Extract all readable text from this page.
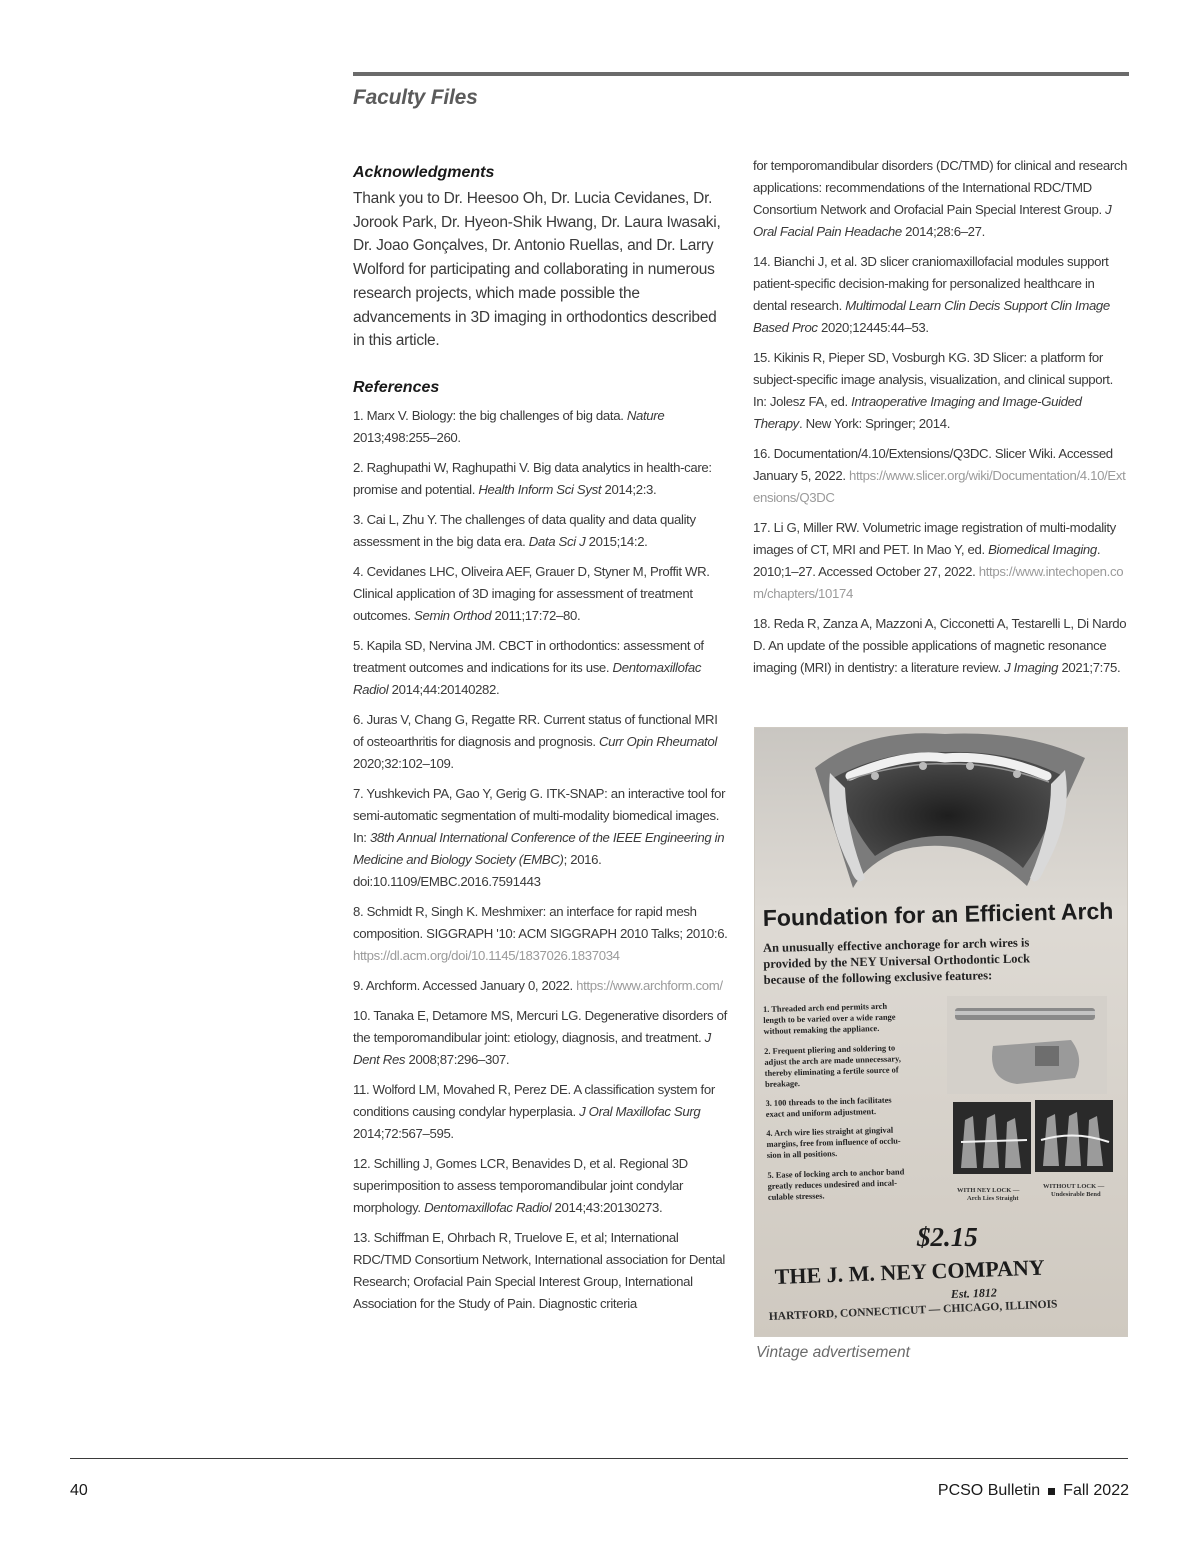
Faculty Files
Acknowledgments

Thank you to Dr. Heesoo Oh, Dr. Lucia Cevidanes, Dr. Jorook Park, Dr. Hyeon-Shik Hwang, Dr. Laura Iwasaki, Dr. Joao Gonçalves, Dr. Antonio Ruellas, and Dr. Larry Wolford for participating and collaborating in numerous research projects, which made possible the advancements in 3D imaging in orthodontics described in this article.

References
1. Marx V. Biology: the big challenges of big data. Nature 2013;498:255–260.
2. Raghupathi W, Raghupathi V. Big data analytics in health-care: promise and potential. Health Inform Sci Syst 2014;2:3.
3. Cai L, Zhu Y. The challenges of data quality and data quality assessment in the big data era. Data Sci J 2015;14:2.
4. Cevidanes LHC, Oliveira AEF, Grauer D, Styner M, Proffit WR. Clinical application of 3D imaging for assessment of treatment outcomes. Semin Orthod 2011;17:72–80.
5. Kapila SD, Nervina JM. CBCT in orthodontics: assessment of treatment outcomes and indications for its use. Dentomaxillofac Radiol 2014;44:20140282.
6. Juras V, Chang G, Regatte RR. Current status of functional MRI of osteoarthritis for diagnosis and prognosis. Curr Opin Rheumatol 2020;32:102–109.
7. Yushkevich PA, Gao Y, Gerig G. ITK-SNAP: an interactive tool for semi-automatic segmentation of multi-modality biomedical images. In: 38th Annual International Conference of the IEEE Engineering in Medicine and Biology Society (EMBC); 2016. doi:10.1109/EMBC.2016.7591443
8. Schmidt R, Singh K. Meshmixer: an interface for rapid mesh composition. SIGGRAPH '10: ACM SIGGRAPH 2010 Talks; 2010:6. https://dl.acm.org/doi/10.1145/1837026.1837034
9. Archform. Accessed January 0, 2022. https://www.archform.com/
10. Tanaka E, Detamore MS, Mercuri LG. Degenerative disorders of the temporomandibular joint: etiology, diagnosis, and treatment. J Dent Res 2008;87:296–307.
11. Wolford LM, Movahed R, Perez DE. A classification system for conditions causing condylar hyperplasia. J Oral Maxillofac Surg 2014;72:567–595.
12. Schilling J, Gomes LCR, Benavides D, et al. Regional 3D superimposition to assess temporomandibular joint condylar morphology. Dentomaxillofac Radiol 2014;43:20130273.
13. Schiffman E, Ohrbach R, Truelove E, et al; International RDC/TMD Consortium Network, International association for Dental Research; Orofacial Pain Special Interest Group, International Association for the Study of Pain. Diagnostic criteria
for temporomandibular disorders (DC/TMD) for clinical and research applications: recommendations of the International RDC/TMD Consortium Network and Orofacial Pain Special Interest Group. J Oral Facial Pain Headache 2014;28:6–27.
14. Bianchi J, et al. 3D slicer craniomaxillofacial modules support patient-specific decision-making for personalized healthcare in dental research. Multimodal Learn Clin Decis Support Clin Image Based Proc 2020;12445:44–53.
15. Kikinis R, Pieper SD, Vosburgh KG. 3D Slicer: a platform for subject-specific image analysis, visualization, and clinical support. In: Jolesz FA, ed. Intraoperative Imaging and Image-Guided Therapy. New York: Springer; 2014.
16. Documentation/4.10/Extensions/Q3DC. Slicer Wiki. Accessed January 5, 2022. https://www.slicer.org/wiki/Documentation/4.10/Extensions/Q3DC
17. Li G, Miller RW. Volumetric image registration of multi-modality images of CT, MRI and PET. In Mao Y, ed. Biomedical Imaging. 2010;1–27. Accessed October 27, 2022. https://www.intechopen.com/chapters/10174
18. Reda R, Zanza A, Mazzoni A, Cicconetti A, Testarelli L, Di Nardo D. An update of the possible applications of magnetic resonance imaging (MRI) in dentistry: a literature review. J Imaging 2021;7:75.
Foundation for an Efficient Arch
An unusually effective anchorage for arch wires is
provided by the NEY Universal Orthodontic Lock
because of the following exclusive features:
1. Threaded arch end permits arch
length to be varied over a wide range
without remaking the appliance.
2. Frequent pliering and soldering to
adjust the arch are made unnecessary,
thereby eliminating a fertile source of
breakage.
3. 100 threads to the inch facilitates
exact and uniform adjustment.
4. Arch wire lies straight at gingival
margins, free from influence of occlu-
sion in all positions.
5. Ease of locking arch to anchor band
greatly reduces undesired and incal-
culable stresses.
WITH NEY LOCK —
Arch Lies Straight
WITHOUT LOCK —
Undesirable Bend
$2.15
THE J. M. NEY COMPANY
Est. 1812
HARTFORD, CONNECTICUT — CHICAGO, ILLINOIS
Vintage advertisement
40	PCSO Bulletin Fall 2022
